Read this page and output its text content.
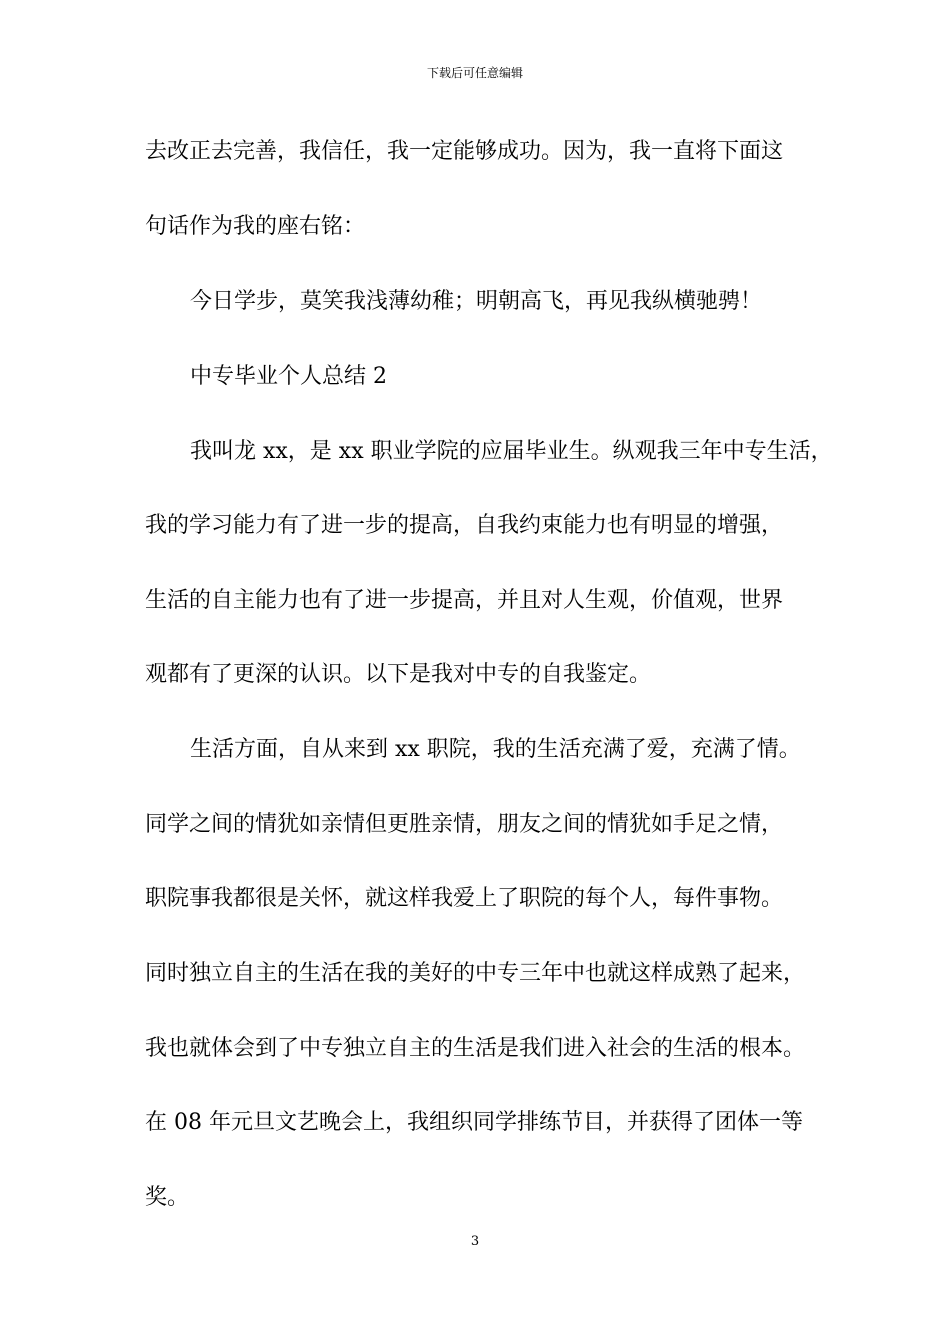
下载后可任意编辑
去改正去完善，我信任，我一定能够成功。因为，我一直将下面这
句话作为我的座右铭：
今日学步，莫笑我浅薄幼稚；明朝高飞，再见我纵横驰骋！
中专毕业个人总结 2
我叫龙 xx，是 xx 职业学院的应届毕业生。纵观我三年中专生活，
我的学习能力有了进一步的提高，自我约束能力也有明显的增强，
生活的自主能力也有了进一步提高，并且对人生观，价值观，世界
观都有了更深的认识。以下是我对中专的自我鉴定。
生活方面，自从来到 xx 职院，我的生活充满了爱，充满了情。
同学之间的情犹如亲情但更胜亲情，朋友之间的情犹如手足之情，
职院事我都很是关怀，就这样我爱上了职院的每个人，每件事物。
同时独立自主的生活在我的美好的中专三年中也就这样成熟了起来，
我也就体会到了中专独立自主的生活是我们进入社会的生活的根本。
在 08 年元旦文艺晚会上，我组织同学排练节目，并获得了团体一等
奖。
3
